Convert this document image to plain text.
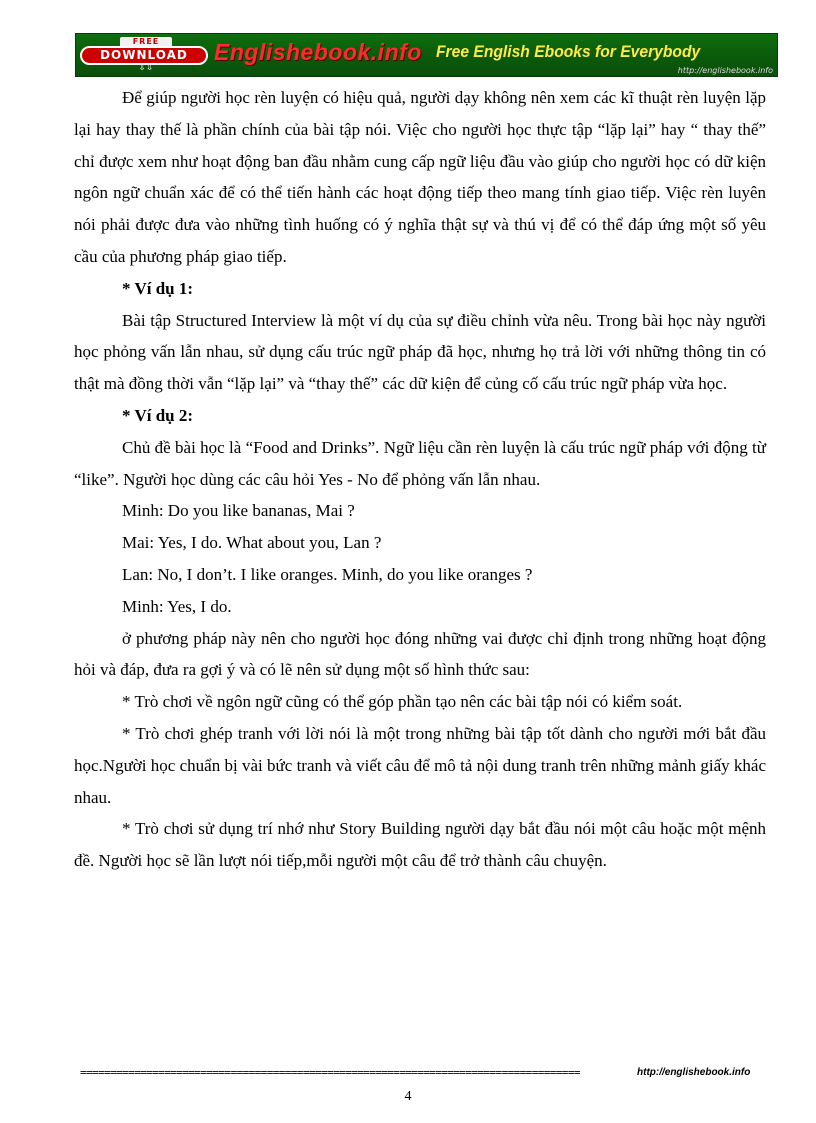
FREE
DOWNLOAD
⇩⇩
Englishebook.info Free English Ebooks for Everybody
http://englishebook.info

Để giúp người học rèn luyện có hiệu quả, người dạy không nên xem các kĩ thuật rèn luyện lặp lại hay thay thế là phần chính của bài tập nói. Việc cho người học thực tập “lặp lại” hay “ thay thế” chỉ được xem như hoạt động ban đầu nhằm cung cấp ngữ liệu đầu vào giúp cho người học có dữ kiện ngôn ngữ chuẩn xác để có thể tiến hành các hoạt động tiếp theo mang tính giao tiếp. Việc rèn luyên nói phải được đưa vào những tình huống có ý nghĩa thật sự và thú vị để có thể đáp ứng một số yêu cầu của phương pháp giao tiếp.

* Ví dụ 1:

Bài tập Structured Interview là một ví dụ của sự điều chỉnh vừa nêu. Trong bài học này người học phỏng vấn lẫn nhau, sử dụng cấu trúc ngữ pháp đã học, nhưng họ trả lời với những thông tin có thật mà đồng thời vẫn “lặp lại” và “thay thế” các dữ kiện để củng cố cấu trúc ngữ pháp vừa học.

* Ví dụ 2:

Chủ đề bài học là “Food and Drinks”. Ngữ liệu cần rèn luyện là cấu trúc ngữ pháp với động từ “like”. Người học dùng các câu hỏi Yes - No để phỏng vấn lẫn nhau.

Minh: Do you like bananas, Mai ?

Mai: Yes, I do. What about you, Lan ?

Lan: No, I don’t. I like oranges. Minh, do you like oranges ?

Minh: Yes, I do.

ở phương pháp này nên cho người học đóng những vai được chỉ định trong những hoạt động hỏi và đáp, đưa ra gợi ý và có lẽ nên sử dụng một số hình thức sau:

* Trò chơi về ngôn ngữ cũng có thể góp phần tạo nên các bài tập nói có kiểm soát.

* Trò chơi ghép tranh với lời nói là một trong những bài tập tốt dành cho người mới bắt đầu học.Người học chuẩn bị vài bức tranh và viết câu để mô tả nội dung tranh trên những mảnh giấy khác nhau.

* Trò chơi sử dụng trí nhớ như Story Building người dạy bắt đầu nói một câu hoặc một mệnh đề. Người học sẽ lần lượt nói tiếp,mỗi người một câu để trở thành câu chuyện.

===================================================================================	http://englishebook.info
4
